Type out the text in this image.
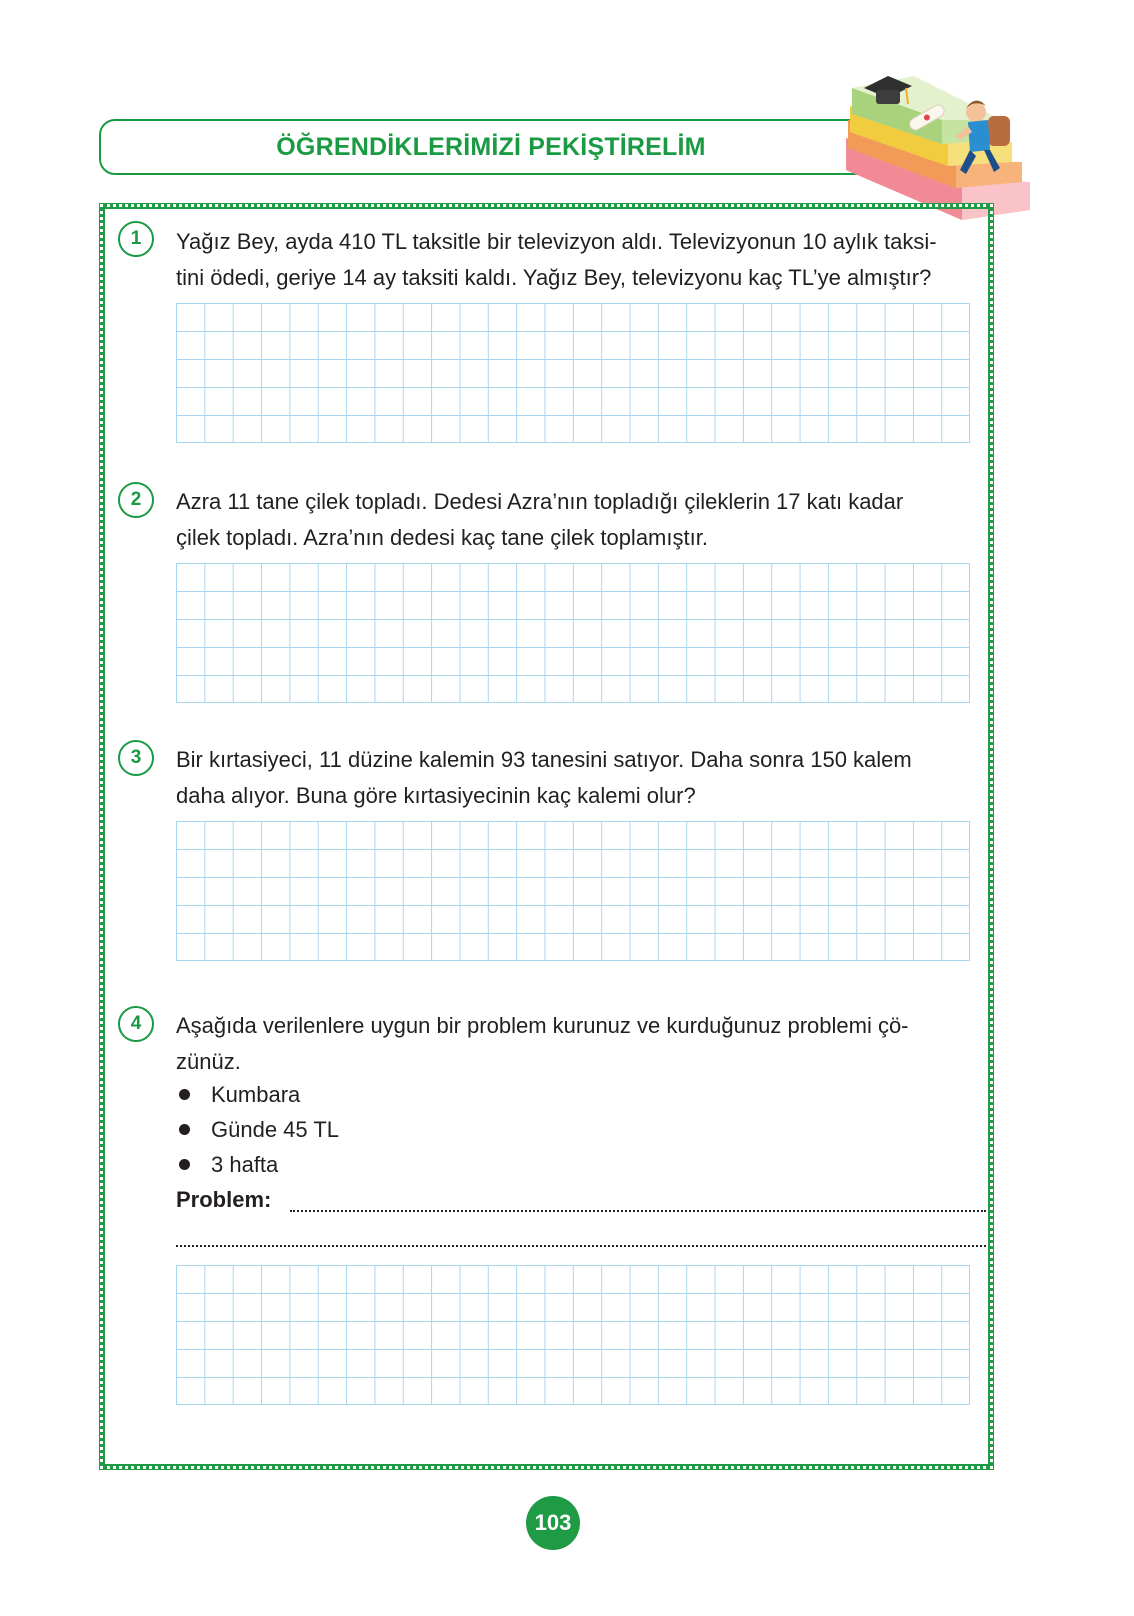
ÖĞRENDİKLERİMİZİ PEKİŞTİRELİM
1	Yağız Bey, ayda 410 TL taksitle bir televizyon aldı. Televizyonun 10 aylık taksi-
tini ödedi, geriye 14 ay taksiti kaldı. Yağız Bey, televizyonu kaç TL’ye almıştır?
2	Azra 11 tane çilek topladı. Dedesi Azra’nın topladığı çileklerin 17 katı kadar
çilek topladı. Azra’nın dedesi kaç tane çilek toplamıştır.
3	Bir kırtasiyeci, 11 düzine kalemin 93 tanesini satıyor. Daha sonra 150 kalem
daha alıyor. Buna göre kırtasiyecinin kaç kalemi olur?
4	Aşağıda verilenlere uygun bir problem kurunuz ve kurduğunuz problemi çö-
zünüz.
Kumbara
Günde 45 TL
3 hafta
Problem:
103
